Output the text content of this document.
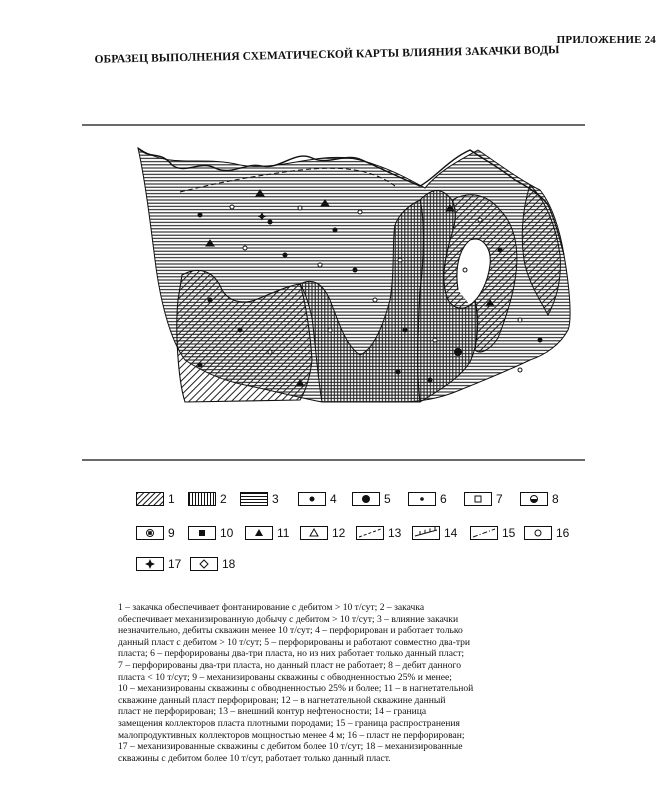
ПРИЛОЖЕНИЕ 24
ОБРАЗЕЦ ВЫПОЛНЕНИЯ СХЕМАТИЧЕСКОЙ КАРТЫ ВЛИЯНИЯ ЗАКАЧКИ ВОДЫ
✦
1	2	3	4	5	6	7	8
9	10	11	12	13	14	15	16
17	18
1 – закачка обеспечивает фонтанирование с дебитом > 10 т/сут; 2 – закачка
обеспечивает механизированную добычу с дебитом > 10 т/сут; 3 – влияние закачки
незначительно, дебиты скважин менее 10 т/сут; 4 – перфорирован и работает только
данный пласт с дебитом > 10 т/сут; 5 – перфорированы и работают совместно два-три
пласта; 6 – перфорированы два-три пласта, но из них работает только данный пласт;
7 – перфорированы два-три пласта, но данный пласт не работает; 8 – дебит данного
пласта < 10 т/сут; 9 – механизированы скважины с обводненностью 25% и менее;
10 – механизированы скважины с обводненностью 25% и более; 11 – в нагнетательной
скважине данный пласт перфорирован; 12 – в нагнетательной скважине данный
пласт не перфорирован; 13 – внешний контур нефтеносности; 14 – граница
замещения коллекторов пласта плотными породами; 15 – граница распространения
малопродуктивных коллекторов мощностью менее 4 м; 16 – пласт не перфорирован;
17 – механизированные скважины с дебитом более 10 т/сут; 18 – механизированные
скважины с дебитом более 10 т/сут, работает только данный пласт.
